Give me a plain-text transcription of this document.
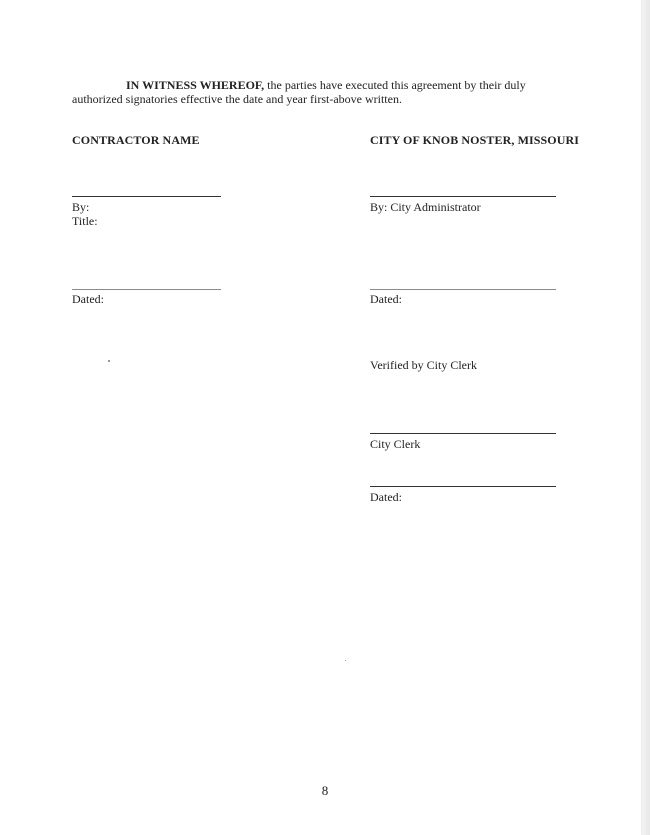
IN WITNESS WHEREOF, the parties have executed this agreement by their duly authorized signatories effective the date and year first-above written.

CONTRACTOR NAME
By:
Title:
Dated:
CITY OF KNOB NOSTER, MISSOURI
By: City Administrator
Dated:
Verified by City Clerk
City Clerk
Dated:
8
